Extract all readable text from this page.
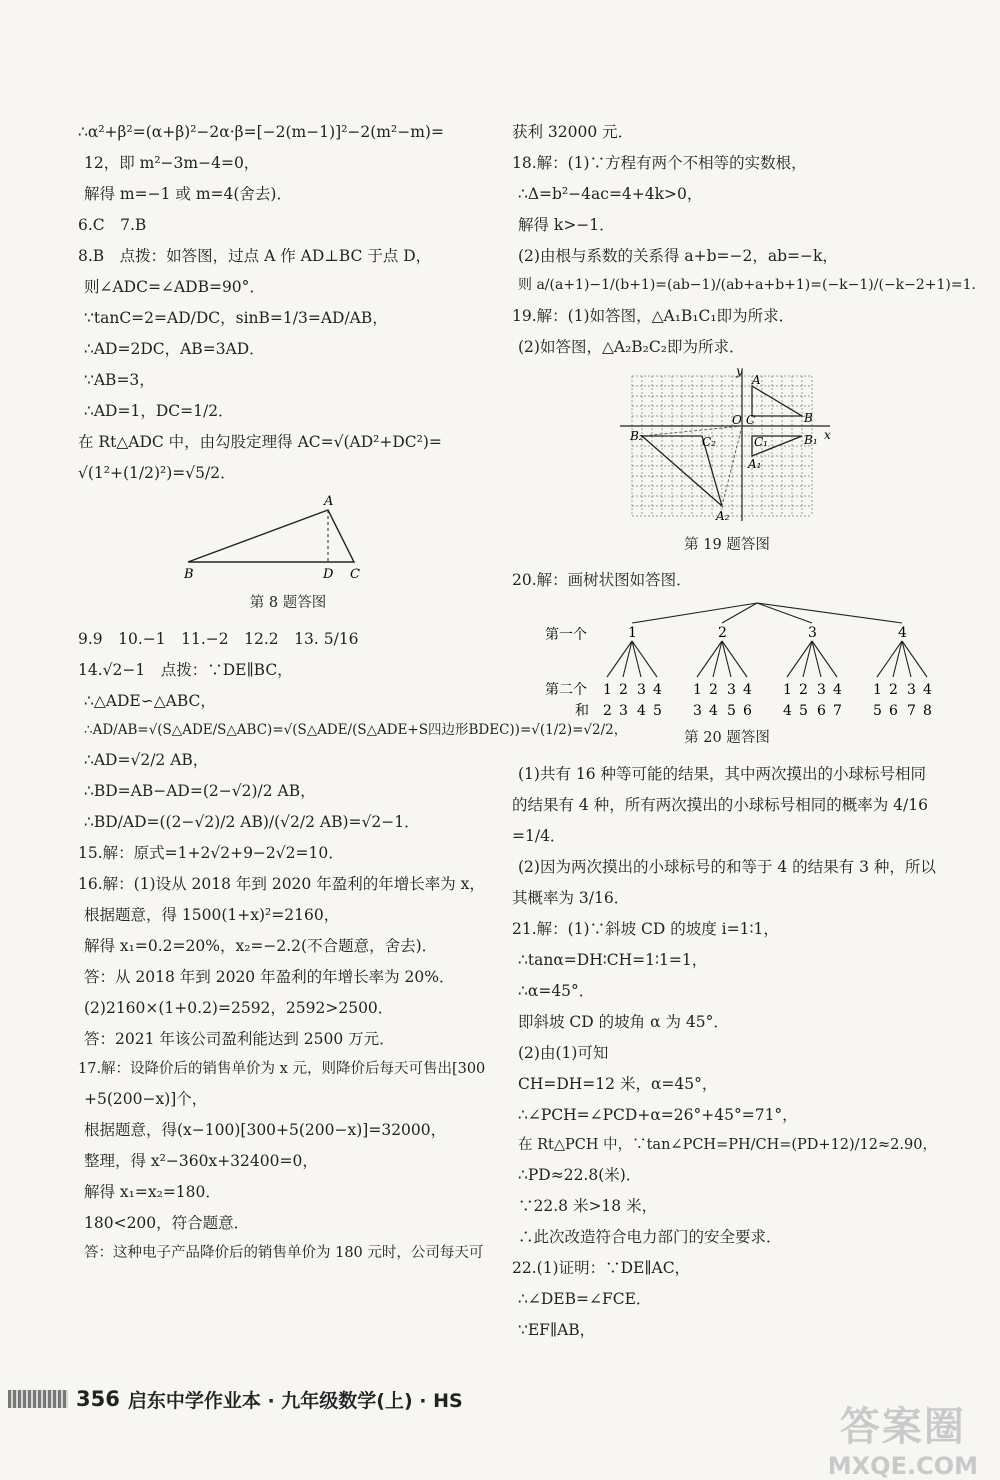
∴α²+β²=(α+β)²−2α·β=[−2(m−1)]²−2(m²−m)=
12，即 m²−3m−4=0，
解得 m=−1 或 m=4(舍去)．
6.C　7.B
8.B　点拨：如答图，过点 A 作 AD⊥BC 于点 D，
则∠ADC=∠ADB=90°．
∵tanC=2=AD/DC，sinB=1/3=AD/AB，
∴AD=2DC，AB=3AD．
∵AB=3，
∴AD=1，DC=1/2．
在 Rt△ADC 中，由勾股定理得 AC=√(AD²+DC²)=
√(1²+(1/2)²)=√5/2．
A
B	D C
第 8 题答图
9.9　10.−1　11.−2　12.2　13. 5/16
14.√2−1　点拨：∵DE∥BC，
∴△ADE∽△ABC，
∴AD/AB=√(S△ADE/S△ABC)=√(S△ADE/(S△ADE+S四边形BDEC))=√(1/2)=√2/2，
∴AD=√2/2 AB，
∴BD=AB−AD=(2−√2)/2 AB，
∴BD/AD=((2−√2)/2 AB)/(√2/2 AB)=√2−1．
15.解：原式=1+2√2+9−2√2=10．
16.解：(1)设从 2018 年到 2020 年盈利的年增长率为 x，
根据题意，得 1500(1+x)²=2160，
解得 x₁=0.2=20%，x₂=−2.2(不合题意，舍去)．
答：从 2018 年到 2020 年盈利的年增长率为 20%．
(2)2160×(1+0.2)=2592，2592>2500．
答：2021 年该公司盈利能达到 2500 万元．
17.解：设降价后的销售单价为 x 元，则降价后每天可售出[300
+5(200−x)]个，
根据题意，得(x−100)[300+5(200−x)]=32000，
整理，得 x²−360x+32400=0，
解得 x₁=x₂=180．
180<200，符合题意．
答：这种电子产品降价后的销售单价为 180 元时，公司每天可
获利 32000 元．
18.解：(1)∵方程有两个不相等的实数根，
∴Δ=b²−4ac=4+4k>0，
解得 k>−1．
(2)由根与系数的关系得 a+b=−2，ab=−k，
则 a/(a+1)−1/(b+1)=(ab−1)/(ab+a+b+1)=(−k−1)/(−k−2+1)=1．
19.解：(1)如答图，△A₁B₁C₁即为所求．
(2)如答图，△A₂B₂C₂即为所求．
y
x
O
A
B
B₁
C
A₁
A₂
B₂	C₂	C₁
第 19 题答图
20.解：画树状图如答图．
第一个
第二个
和
1	2	3	4
1 2 3 4 1 2 3 4 1 2 3 4 1 2 3 4
2 3 4 5 3 4 5 6 4 5 6 7 5 6 7 8
第 20 题答图
(1)共有 16 种等可能的结果，其中两次摸出的小球标号相同
的结果有 4 种，所有两次摸出的小球标号相同的概率为 4/16
=1/4．
(2)因为两次摸出的小球标号的和等于 4 的结果有 3 种，所以
其概率为 3/16．
21.解：(1)∵斜坡 CD 的坡度 i=1∶1，
∴tanα=DH∶CH=1∶1=1，
∴α=45°．
即斜坡 CD 的坡角 α 为 45°．
(2)由(1)可知
CH=DH=12 米，α=45°，
∴∠PCH=∠PCD+α=26°+45°=71°，
在 Rt△PCH 中，∵tan∠PCH=PH/CH=(PD+12)/12≈2.90，
∴PD≈22.8(米)．
∵22.8 米>18 米，
∴此次改造符合电力部门的安全要求．
22.(1)证明：∵DE∥AC，
∴∠DEB=∠FCE．
∵EF∥AB，
356 启东中学作业本 · 九年级数学(上) · HS
答案圈
MXQE.COM
